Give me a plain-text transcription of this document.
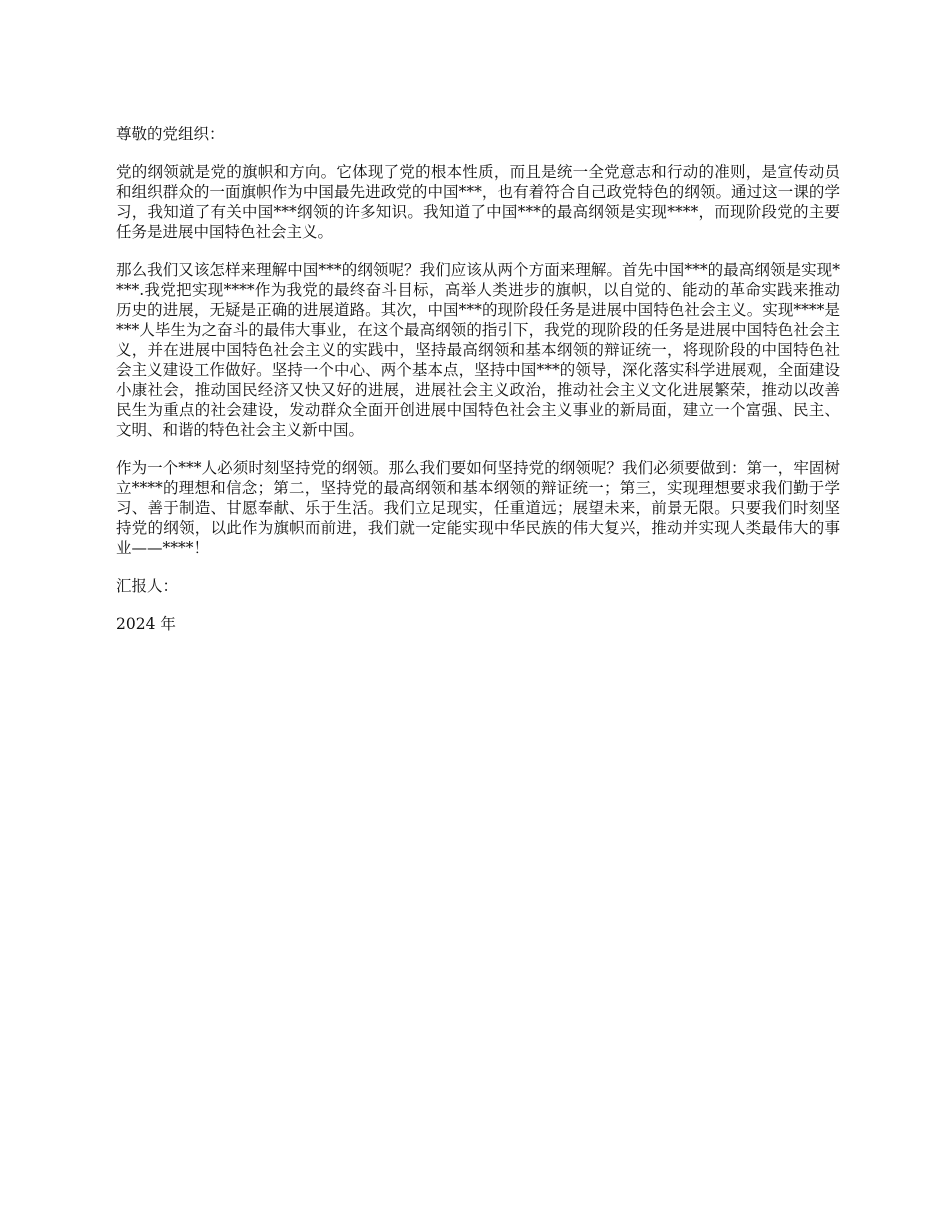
尊敬的党组织：

党的纲领就是党的旗帜和方向。它体现了党的根本性质，而且是统一全党意志和行动的准则，是宣传动员和组织群众的一面旗帜作为中国最先进政党的中国***，也有着符合自己政党特色的纲领。通过这一课的学习，我知道了有关中国***纲领的许多知识。我知道了中国***的最高纲领是实现****，而现阶段党的主要任务是进展中国特色社会主义。

那么我们又该怎样来理解中国***的纲领呢？我们应该从两个方面来理解。首先中国***的最高纲领是实现****.我党把实现****作为我党的最终奋斗目标，高举人类进步的旗帜，以自觉的、能动的革命实践来推动历史的进展，无疑是正确的进展道路。其次，中国***的现阶段任务是进展中国特色社会主义。实现****是***人毕生为之奋斗的最伟大事业，在这个最高纲领的指引下，我党的现阶段的任务是进展中国特色社会主义，并在进展中国特色社会主义的实践中，坚持最高纲领和基本纲领的辩证统一，将现阶段的中国特色社会主义建设工作做好。坚持一个中心、两个基本点，坚持中国***的领导，深化落实科学进展观，全面建设小康社会，推动国民经济又快又好的进展，进展社会主义政治，推动社会主义文化进展繁荣，推动以改善民生为重点的社会建设，发动群众全面开创进展中国特色社会主义事业的新局面，建立一个富强、民主、文明、和谐的特色社会主义新中国。

作为一个***人必须时刻坚持党的纲领。那么我们要如何坚持党的纲领呢？我们必须要做到：第一，牢固树立****的理想和信念；第二，坚持党的最高纲领和基本纲领的辩证统一；第三，实现理想要求我们勤于学习、善于制造、甘愿奉献、乐于生活。我们立足现实，任重道远；展望未来，前景无限。只要我们时刻坚持党的纲领，以此作为旗帜而前进，我们就一定能实现中华民族的伟大复兴，推动并实现人类最伟大的事业——****！

汇报人：

2024 年
